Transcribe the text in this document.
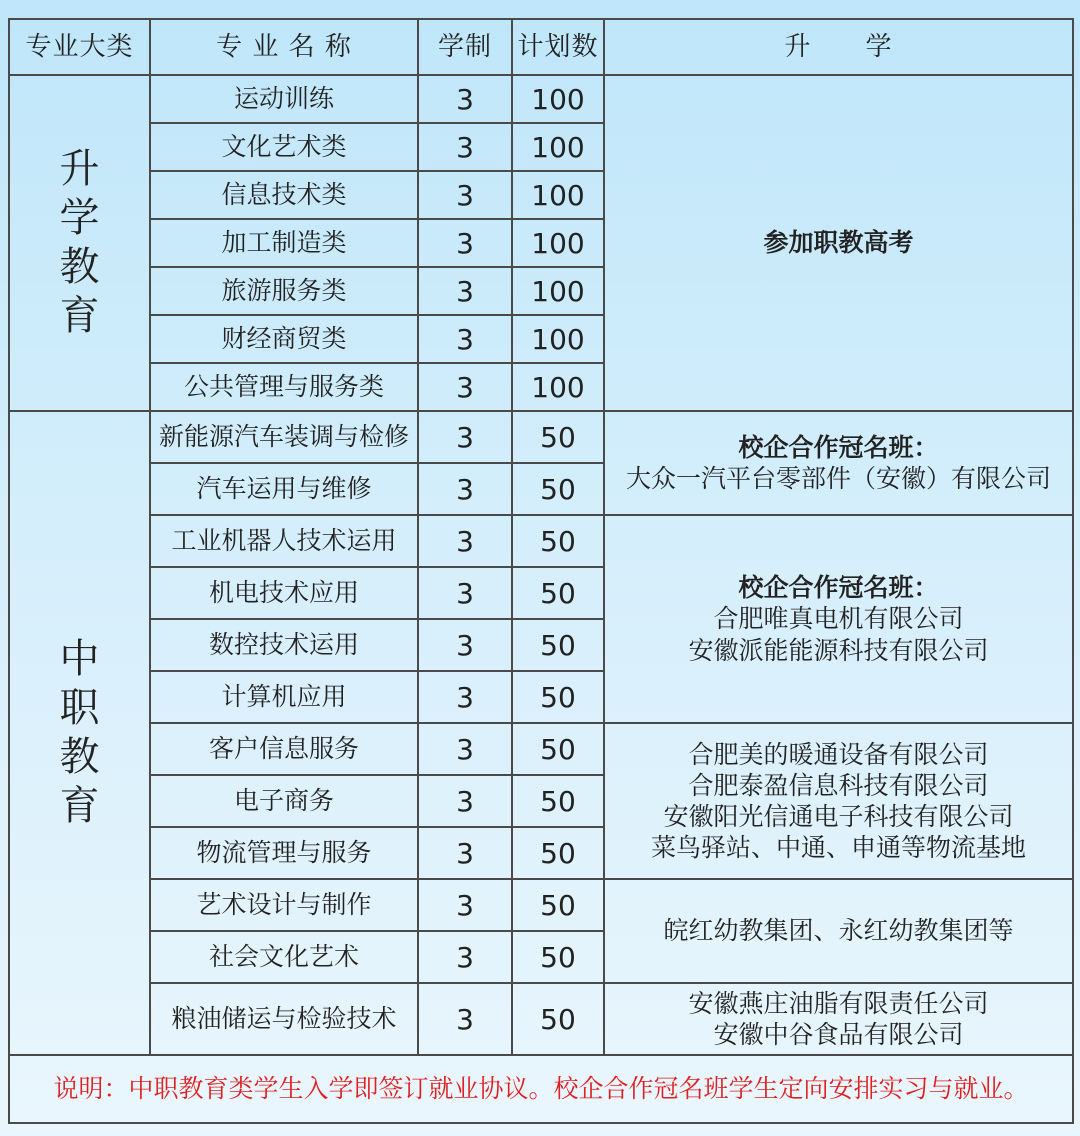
专业大类	专 业 名 称	学制	计划数	升　　学

升
学
教
育	运动训练	3	100	参加职教高考
	文化艺术类	3	100	
	信息技术类	3	100	
	加工制造类	3	100	
	旅游服务类	3	100	
	财经商贸类	3	100	
	公共管理与服务类	3	100	

中
职
教
育	新能源汽车装调与检修	3	50	校企合作冠名班：
大众一汽平台零部件（安徽）有限公司

	汽车运用与维修	3	50	
	工业机器人技术运用	3	50	校企合作冠名班：
合肥唯真电机有限公司
安徽派能能源科技有限公司

	机电技术应用	3	50	
	数控技术运用	3	50	
	计算机应用	3	50	
	客户信息服务	3	50	合肥美的暖通设备有限公司
合肥泰盈信息科技有限公司
安徽阳光信通电子科技有限公司
菜鸟驿站、中通、申通等物流基地

	电子商务	3	50	
	物流管理与服务	3	50	
	艺术设计与制作	3	50	皖红幼教集团、永红幼教集团等

	社会文化艺术	3	50	
	粮油储运与检验技术	3	50	安徽燕庄油脂有限责任公司
安徽中谷食品有限公司

说明：中职教育类学生入学即签订就业协议。校企合作冠名班学生定向安排实习与就业。				
